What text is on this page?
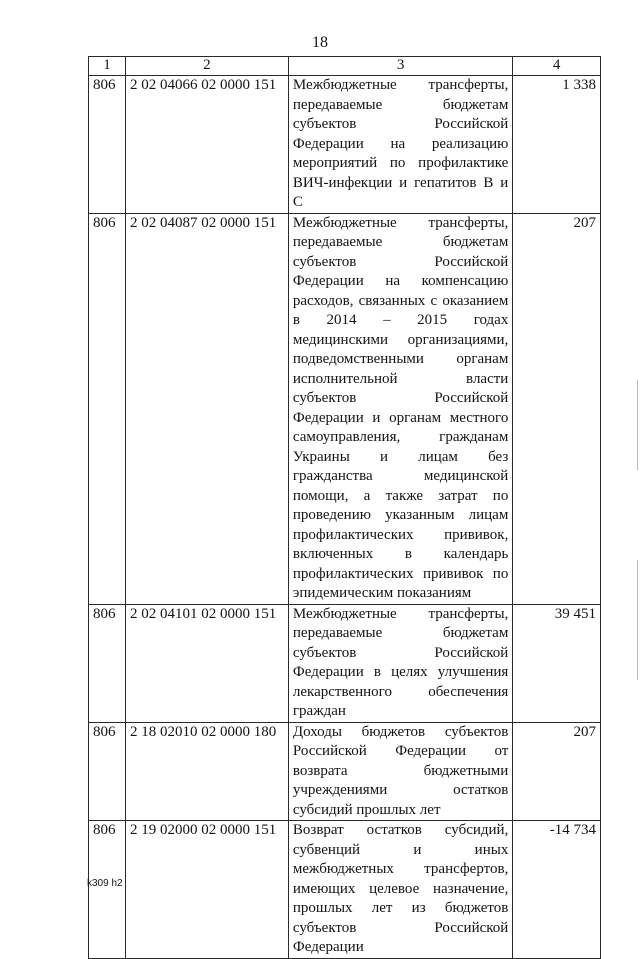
18
1	2	3	4
806	2 02 04066 02 0000 151	Межбюджетные трансферты, передаваемые бюджетам субъектов Российской Федерации на реализацию мероприятий по профилактике ВИЧ-инфекции и гепатитов В и С	1 338
806	2 02 04087 02 0000 151	Межбюджетные трансферты, передаваемые бюджетам субъектов Российской Федерации на компенсацию расходов, связанных с оказанием в 2014 – 2015 годах медицинскими организациями, подведомственными органам исполнительной власти субъектов Российской Федерации и органам местного самоуправления, гражданам Украины и лицам без гражданства медицинской помощи, а также затрат по проведению указанным лицам профилактических прививок, включенных в календарь профилактических прививок по эпидемическим показаниям	207
806	2 02 04101 02 0000 151	Межбюджетные трансферты, передаваемые бюджетам субъектов Российской Федерации в целях улучшения лекарственного обеспечения граждан	39 451
806	2 18 02010 02 0000 180	Доходы бюджетов субъектов Российской Федерации от возврата бюджетными учреждениями остатков субсидий прошлых лет	207
806	2 19 02000 02 0000 151	Возврат остатков субсидий, субвенций и иных межбюджетных трансфертов, имеющих целевое назначение, прошлых лет из бюджетов субъектов Российской Федерации	-14 734
k309 h2
